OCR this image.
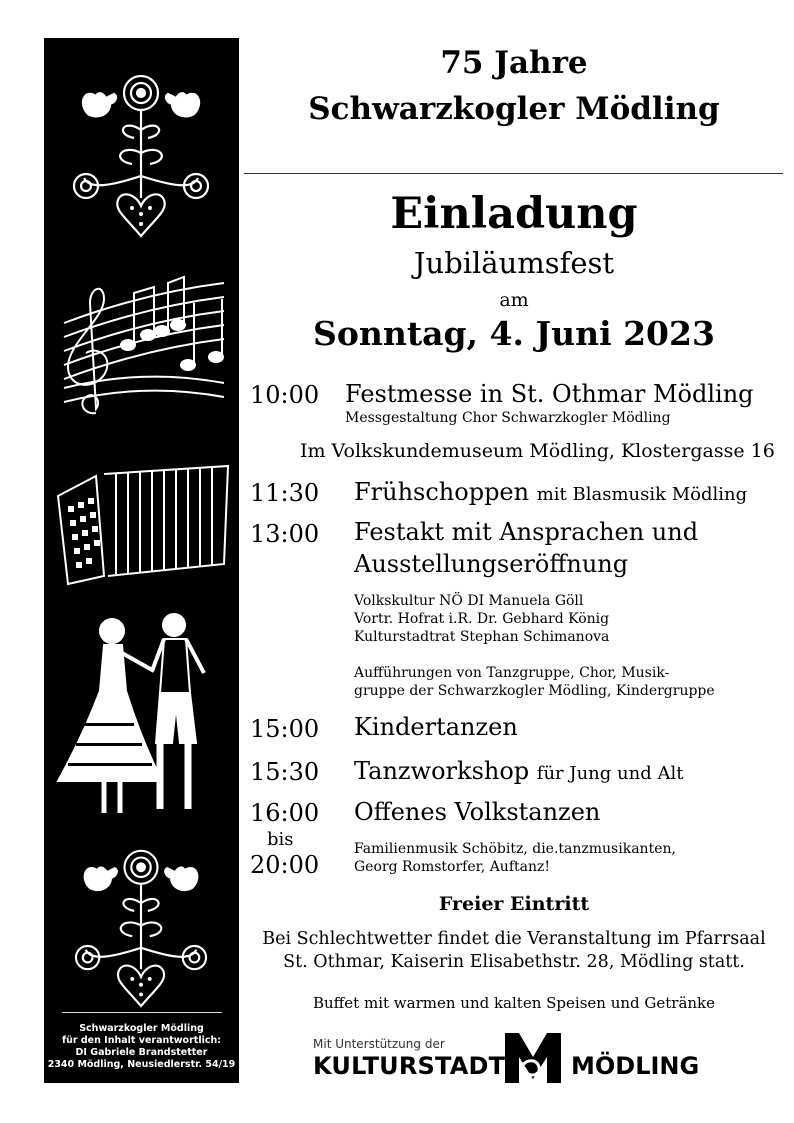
Schwarzkogler Mödling
für den Inhalt verantwortlich:
DI Gabriele Brandstetter
2340 Mödling, Neusiedlerstr. 54/19
75 Jahre
Schwarzkogler Mödling
Einladung
Jubiläumsfest
am
Sonntag, 4. Juni 2023
10:00 Festmesse in St. Othmar Mödling
Messgestaltung Chor Schwarzkogler Mödling
Im Volkskundemuseum Mödling, Klostergasse 16
11:30 Frühschoppen mit Blasmusik Mödling
13:00 Festakt mit Ansprachen und
Ausstellungseröffnung
Volkskultur NÖ DI Manuela Göll
Vortr. Hofrat i.R. Dr. Gebhard König
Kulturstadtrat Stephan Schimanova
Aufführungen von Tanzgruppe, Chor, Musik-
gruppe der Schwarzkogler Mödling, Kindergruppe
15:00 Kindertanzen
15:30 Tanzworkshop für Jung und Alt
16:00
bis
20:00
Offenes Volkstanzen
Familienmusik Schöbitz, die.tanzmusikanten,
Georg Romstorfer, Auftanz!
Freier Eintritt
Bei Schlechtwetter findet die Veranstaltung im Pfarrsaal
St. Othmar, Kaiserin Elisabethstr. 28, Mödling statt.
Buffet mit warmen und kalten Speisen und Getränke
Mit Unterstützung der
KULTURSTADT	MÖDLING
